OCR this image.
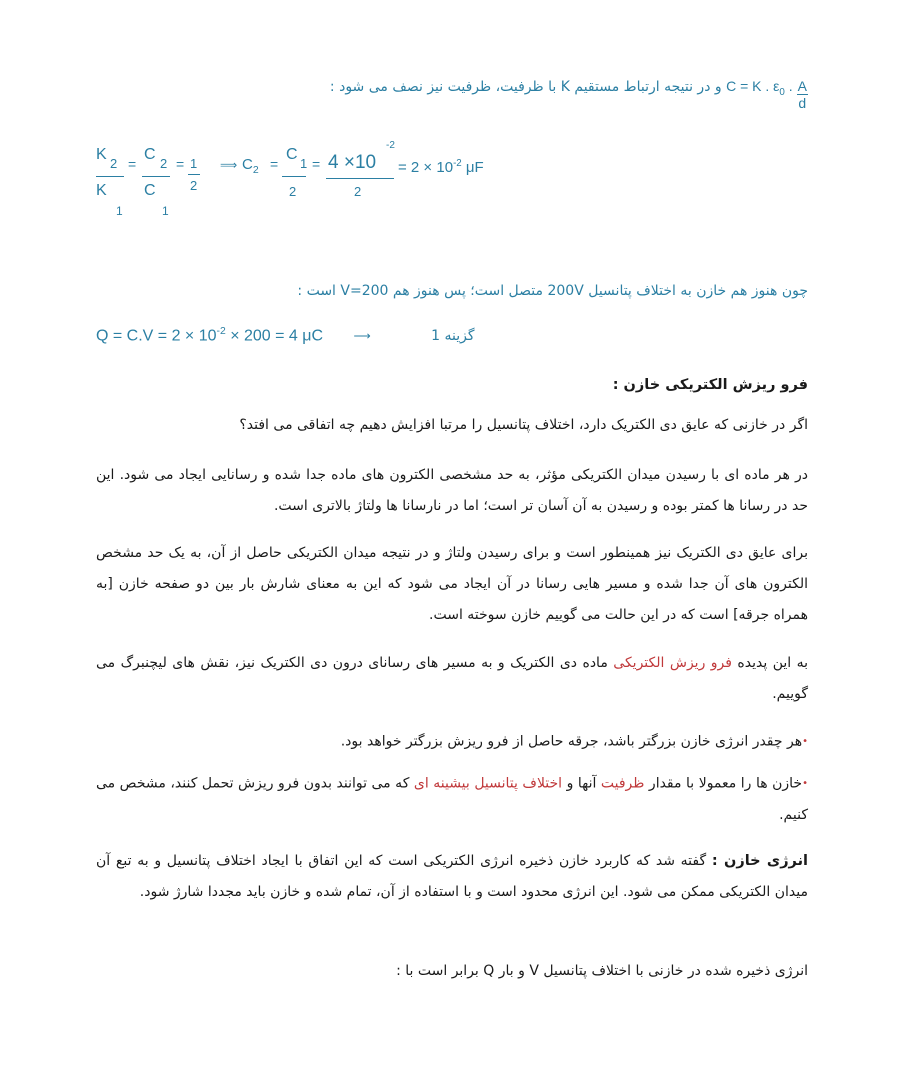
$\frac{A}{d}$
C = K . $\varepsilon_0$ . و در نتیجه ارتباط مستقیم K با ظرفیت، ظرفیت نیز نصف می شود :
K
2
K
1
=
C
2
C
1
= 1
2
⟹ $C_2$ =
C
1
2
= 4 ×10
-2
2
= $2 \times 10^{-2}$ μF
چون هنوز هم خازن به اختلاف پتانسیل 200V متصل است؛ پس هنوز هم 200=V است :
$Q = C.V = 2 \times 10^{-2} \times 200 = 4$ μC	⟶	گزینه 1
فرو ریزش الکتریکی خازن :
اگر در خازنی که عایق دی الکتریک دارد، اختلاف پتانسیل را مرتبا افزایش دهیم چه اتفاقی می افتد؟
در هر ماده ای با رسیدن میدان الکتریکی مؤثر، به حد مشخصی الکترون های ماده جدا شده و رسانایی ایجاد می شود. این حد در رسانا ها کمتر بوده و رسیدن به آن آسان تر است؛ اما در نارسانا ها ولتاژ بالاتری است.
برای عایق دی الکتریک نیز همینطور است و برای رسیدن ولتاژ و در نتیجه میدان الکتریکی حاصل از آن، به یک حد مشخص الکترون های آن جدا شده و مسیر هایی رسانا در آن ایجاد می شود که این به معنای شارش بار بین دو صفحه خازن [به همراه جرقه] است که در این حالت می گوییم خازن سوخته است.
به این پدیده فرو ریزش الکتریکی ماده دی الکتریک و به مسیر های رسانای درون دی الکتریک نیز، نقش های لیچنبرگ می گوییم.
•هر چقدر انرژی خازن بزرگتر باشد، جرقه حاصل از فرو ریزش بزرگتر خواهد بود.
•خازن ها را معمولا با مقدار ظرفیت آنها و اختلاف پتانسیل بیشینه ای که می توانند بدون فرو ریزش تحمل کنند، مشخص می کنیم.
انرژی خازن : گفته شد که کاربرد خازن ذخیره انرژی الکتریکی است که این اتفاق با ایجاد اختلاف پتانسیل و به تبع آن میدان الکتریکی ممکن می شود. این انرژی محدود است و با استفاده از آن، تمام شده و خازن باید مجددا شارژ شود.
انرژی ذخیره شده در خازنی با اختلاف پتانسیل V و بار Q برابر است با :
